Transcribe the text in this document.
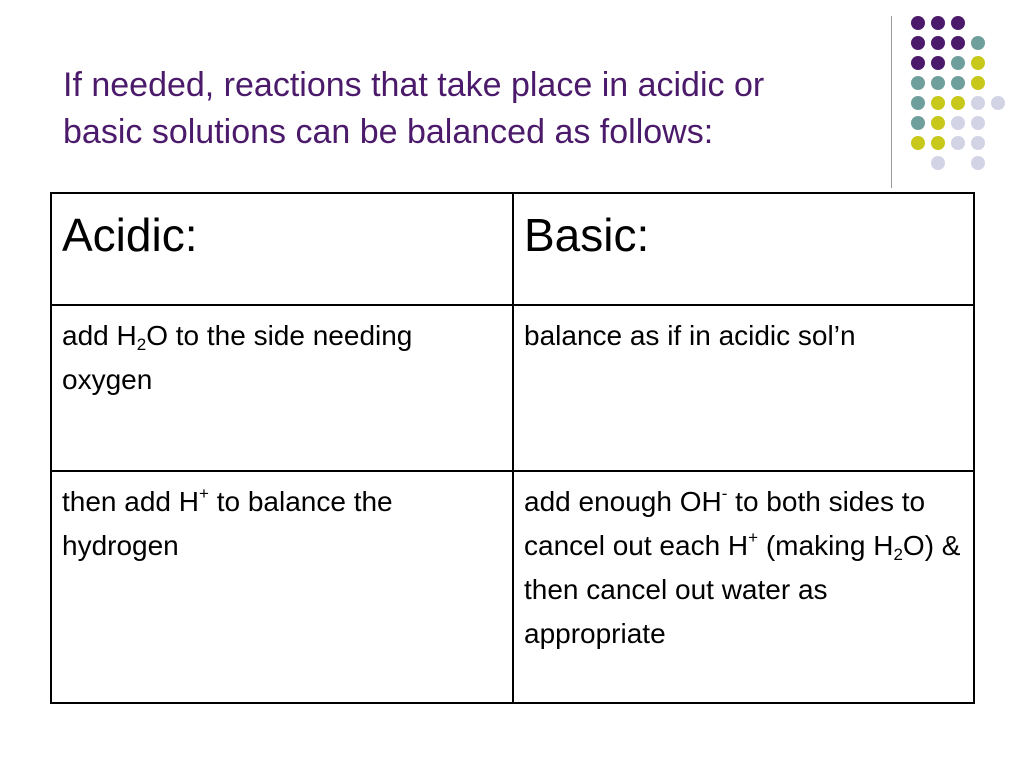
If needed, reactions that take place in acidic or
basic solutions can be balanced as follows:
Acidic:	Basic:
add $H_2O$ to the side needing oxygen	balance as if in acidic sol’n
then add H+ to balance the hydrogen	add enough OH- to both sides to cancel out each H+ (making $H_2O$) & then cancel out water as appropriate
